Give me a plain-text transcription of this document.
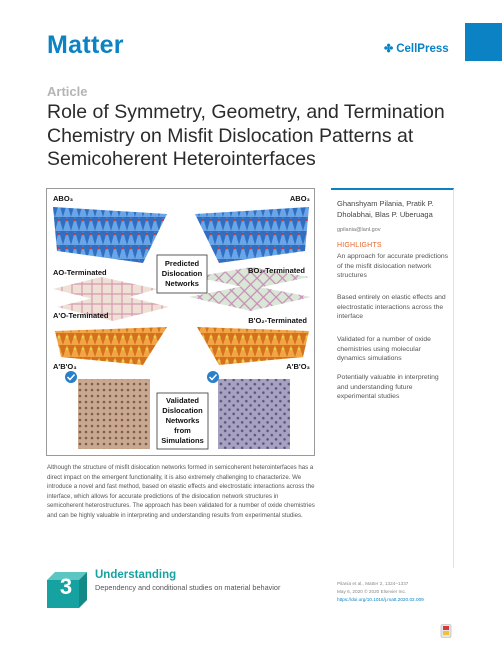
Matter	✤ CellPress
Article
Role of Symmetry, Geometry, and Termination Chemistry on Misfit Dislocation Patterns at Semicoherent Heterointerfaces
ABO₃	ABO₃
AO-Terminated	BO₂-Terminated
A'O-Terminated
B'O₂-Terminated
A'B'O₃	A'B'O₃
Predicted
Dislocation
Networks
Validated
Dislocation
Networks
from
Simulations
Ghanshyam Pilania, Pratik P.
Dholabhai, Blas P. Uberuaga
gpilania@lanl.gov
HIGHLIGHTS
An approach for accurate predictions of the misfit dislocation network structures
Based entirely on elastic effects and electrostatic interactions across the interface
Validated for a number of oxide chemistries using molecular dynamics simulations
Potentially valuable in interpreting and understanding future experimental studies
Although the structure of misfit dislocation networks formed in semicoherent heterointerfaces has a direct impact on the emergent functionality, it is also extremely challenging to characterize. We introduce a novel and fast method, based on elastic effects and electrostatic interactions across the interface, which allows for accurate predictions of the dislocation network structures in semicoherent heterostructures. The approach has been validated for a number of oxide chemistries and can be highly valuable in interpreting and understanding results from experimental studies.
3	Understanding
Dependency and conditional studies on material behavior	Pilania et al., Matter 2, 1324–1337
May 6, 2020 © 2020 Elsevier Inc.
https://doi.org/10.1016/j.matt.2020.02.009
